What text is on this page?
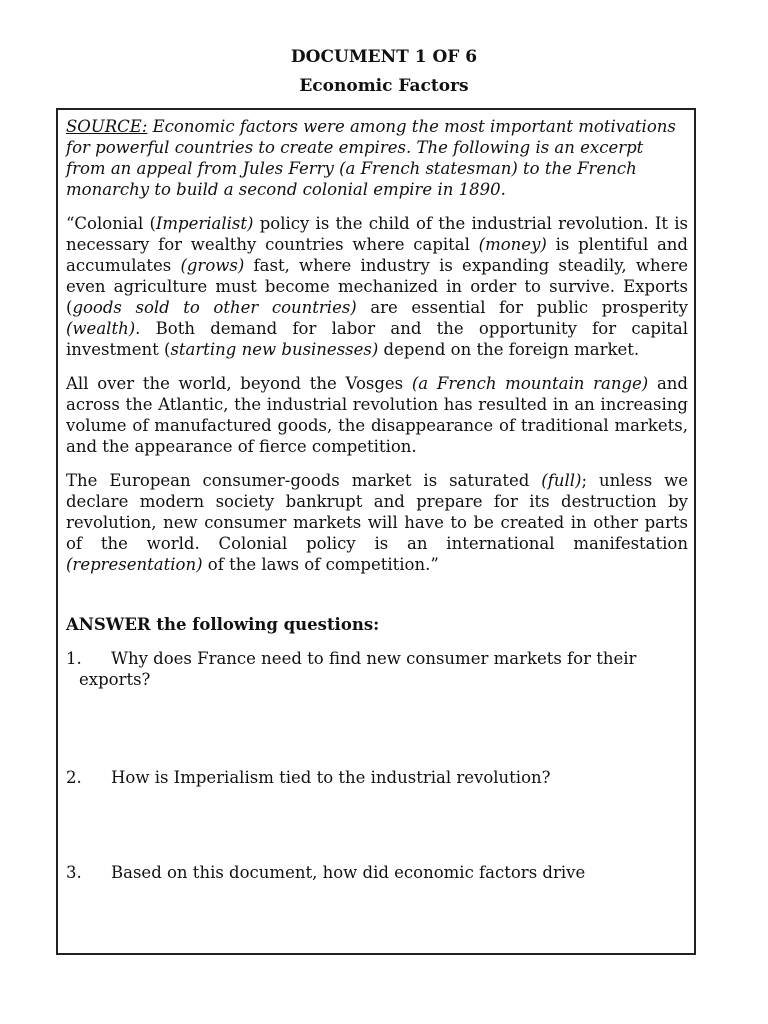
DOCUMENT 1 OF 6
Economic Factors

SOURCE: Economic factors were among the most important motivations for powerful countries to create empires. The following is an excerpt from an appeal from Jules Ferry (a French statesman) to the French monarchy to build a second colonial empire in 1890.

“Colonial (Imperialist) policy is the child of the industrial revolution. It is necessary for wealthy countries where capital (money) is plentiful and accumulates (grows) fast, where industry is expanding steadily, where even agriculture must become mechanized in order to survive. Exports (goods sold to other countries) are essential for public prosperity (wealth). Both demand for labor and the opportunity for capital investment (starting new businesses) depend on the foreign market.

All over the world, beyond the Vosges (a French mountain range) and across the Atlantic, the industrial revolution has resulted in an increasing volume of manufactured goods, the disappearance of traditional markets, and the appearance of fierce competition.

The European consumer-goods market is saturated (full); unless we declare modern society bankrupt and prepare for its destruction by revolution, new consumer markets will have to be created in other parts of the world. Colonial policy is an international manifestation (representation) of the laws of competition.”

ANSWER the following questions:

1. Why does France need to find new consumer markets for their exports?

2. How is Imperialism tied to the industrial revolution?

3. Based on this document, how did economic factors drive
